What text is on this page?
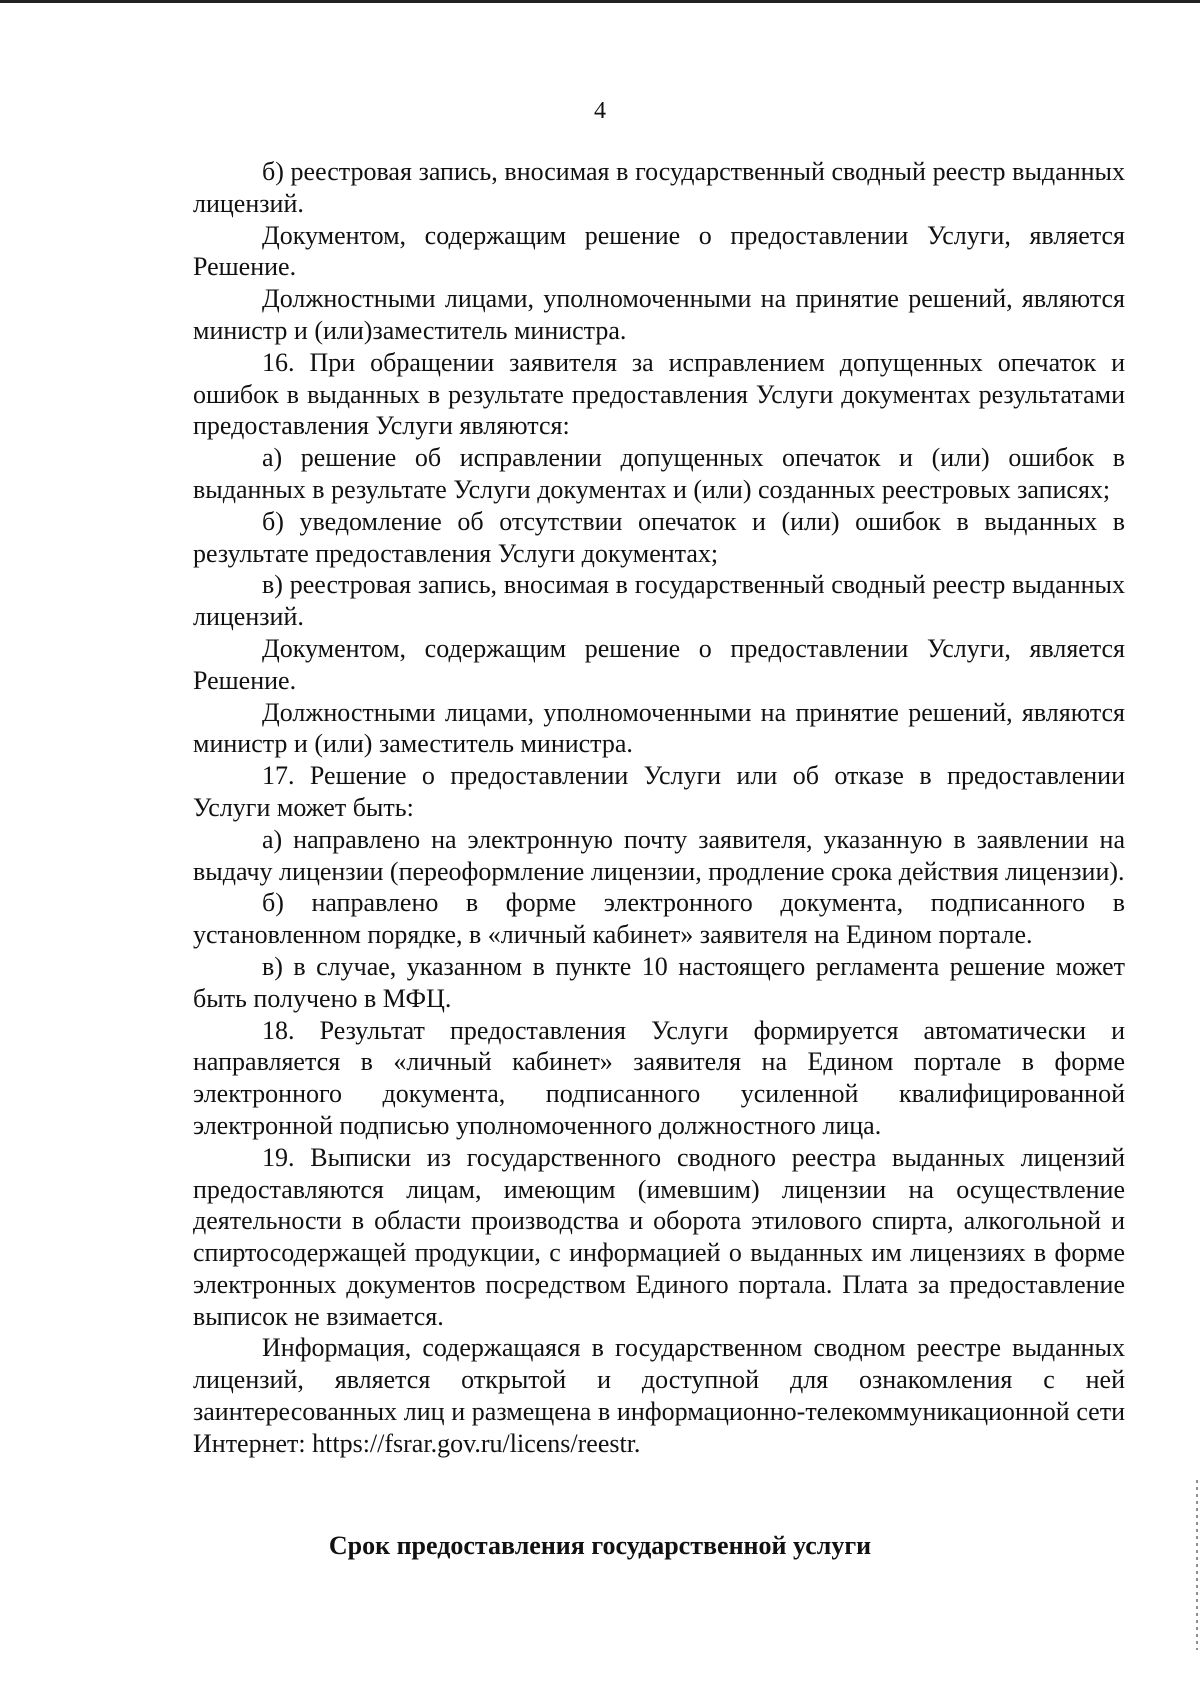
4

б) реестровая запись, вносимая в государственный сводный реестр выданных лицензий.

Документом, содержащим решение о предоставлении Услуги, является Решение.

Должностными лицами, уполномоченными на принятие решений, являются министр и (или)заместитель министра.

16. При обращении заявителя за исправлением допущенных опечаток и ошибок в выданных в результате предоставления Услуги документах результатами предоставления Услуги являются:

а) решение об исправлении допущенных опечаток и (или) ошибок в выданных в результате Услуги документах и (или) созданных реестровых записях;

б) уведомление об отсутствии опечаток и (или) ошибок в выданных в результате предоставления Услуги документах;

в) реестровая запись, вносимая в государственный сводный реестр выданных лицензий.

Документом, содержащим решение о предоставлении Услуги, является Решение.

Должностными лицами, уполномоченными на принятие решений, являются министр и (или) заместитель министра.

17. Решение о предоставлении Услуги или об отказе в предоставлении Услуги может быть:

а) направлено на электронную почту заявителя, указанную в заявлении на выдачу лицензии (переоформление лицензии, продление срока действия лицензии).

б) направлено в форме электронного документа, подписанного в установленном порядке, в «личный кабинет» заявителя на Едином портале.

в) в случае, указанном в пункте 10 настоящего регламента решение может быть получено в МФЦ.

18. Результат предоставления Услуги формируется автоматически и направляется в «личный кабинет» заявителя на Едином портале в форме электронного документа, подписанного усиленной квалифицированной электронной подписью уполномоченного должностного лица.

19. Выписки из государственного сводного реестра выданных лицензий предоставляются лицам, имеющим (имевшим) лицензии на осуществление деятельности в области производства и оборота этилового спирта, алкогольной и спиртосодержащей продукции, с информацией о выданных им лицензиях в форме электронных документов посредством Единого портала. Плата за предоставление выписок не взимается.

Информация, содержащаяся в государственном сводном реестре выданных лицензий, является открытой и доступной для ознакомления с ней заинтересованных лиц и размещена в информационно-телекоммуникационной сети Интернет: https://fsrar.gov.ru/licens/reestr.

Срок предоставления государственной услуги
